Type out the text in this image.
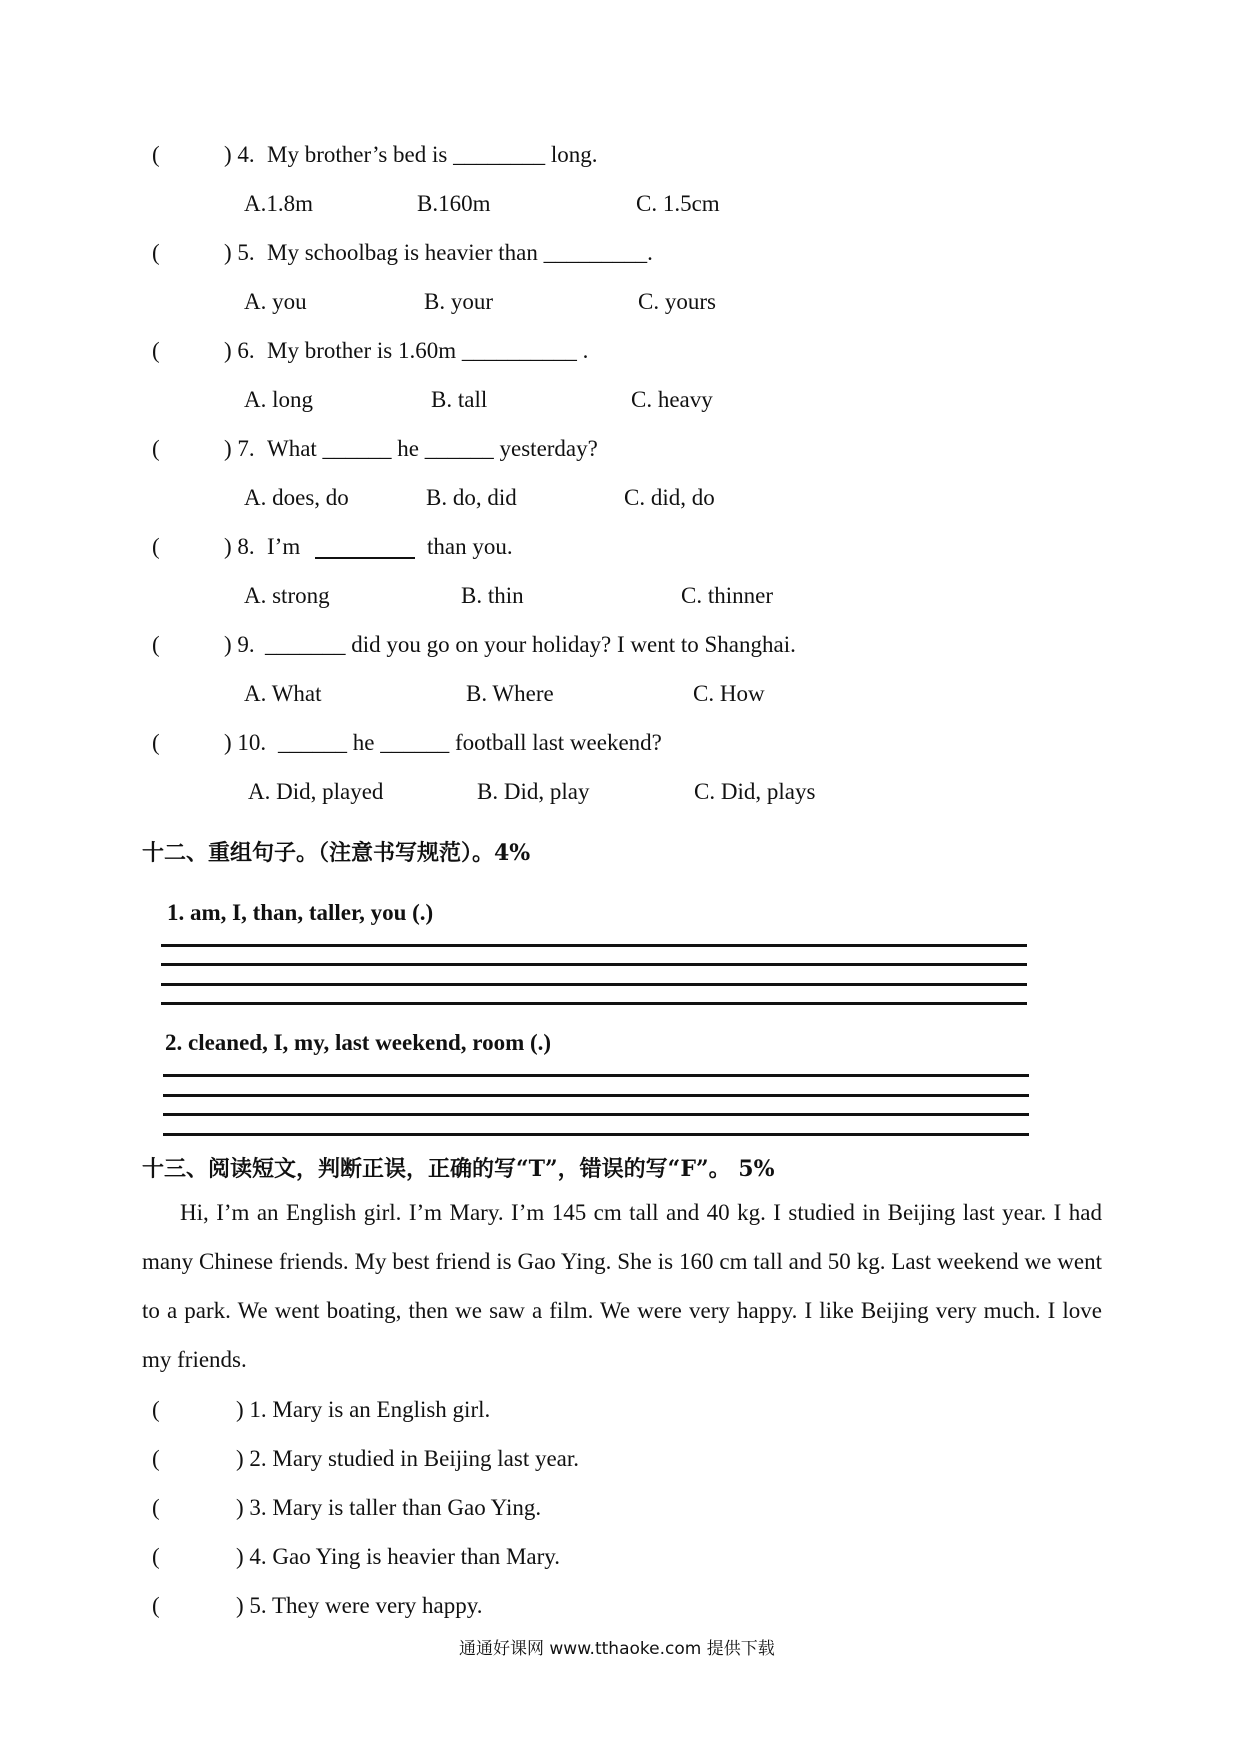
(	) 4. My brother’s bed is ________ long.
A.1.8m	B.160m	C. 1.5cm
(	) 5. My schoolbag is heavier than _________.
A. you	B. your	C. yours
(	) 6. My brother is 1.60m __________ .
A. long	B. tall	C. heavy
(	) 7. What ______ he ______ yesterday?
A. does, do	B. do, did	C. did, do
(	) 8. I’m	than you.
A. strong	B. thin	C. thinner
(	) 9. _______ did you go on your holiday? I went to Shanghai.
A. What	B. Where	C. How
(	) 10. ______ he ______ football last weekend?
A. Did, played	B. Did, play	C. Did, plays
十二、重组句子。（注意书写规范）。4%
1. am, I, than, taller, you (.)
2. cleaned, I, my, last weekend, room (.)
十三、阅读短文，判断正误，正确的写“T”，错误的写“F”。 5%

Hi, I’m an English girl. I’m Mary. I’m 145 cm tall and 40 kg. I studied in Beijing last year. I had many Chinese friends. My best friend is Gao Ying. She is 160 cm tall and 50 kg. Last weekend we went to a park. We went boating, then we saw a film. We were very happy. I like Beijing very much. I love my friends.

(	) 1. Mary is an English girl.
(	) 2. Mary studied in Beijing last year.
(	) 3. Mary is taller than Gao Ying.
(	) 4. Gao Ying is heavier than Mary.
(	) 5. They were very happy.
通通好课网 www.tthaoke.com 提供下载
